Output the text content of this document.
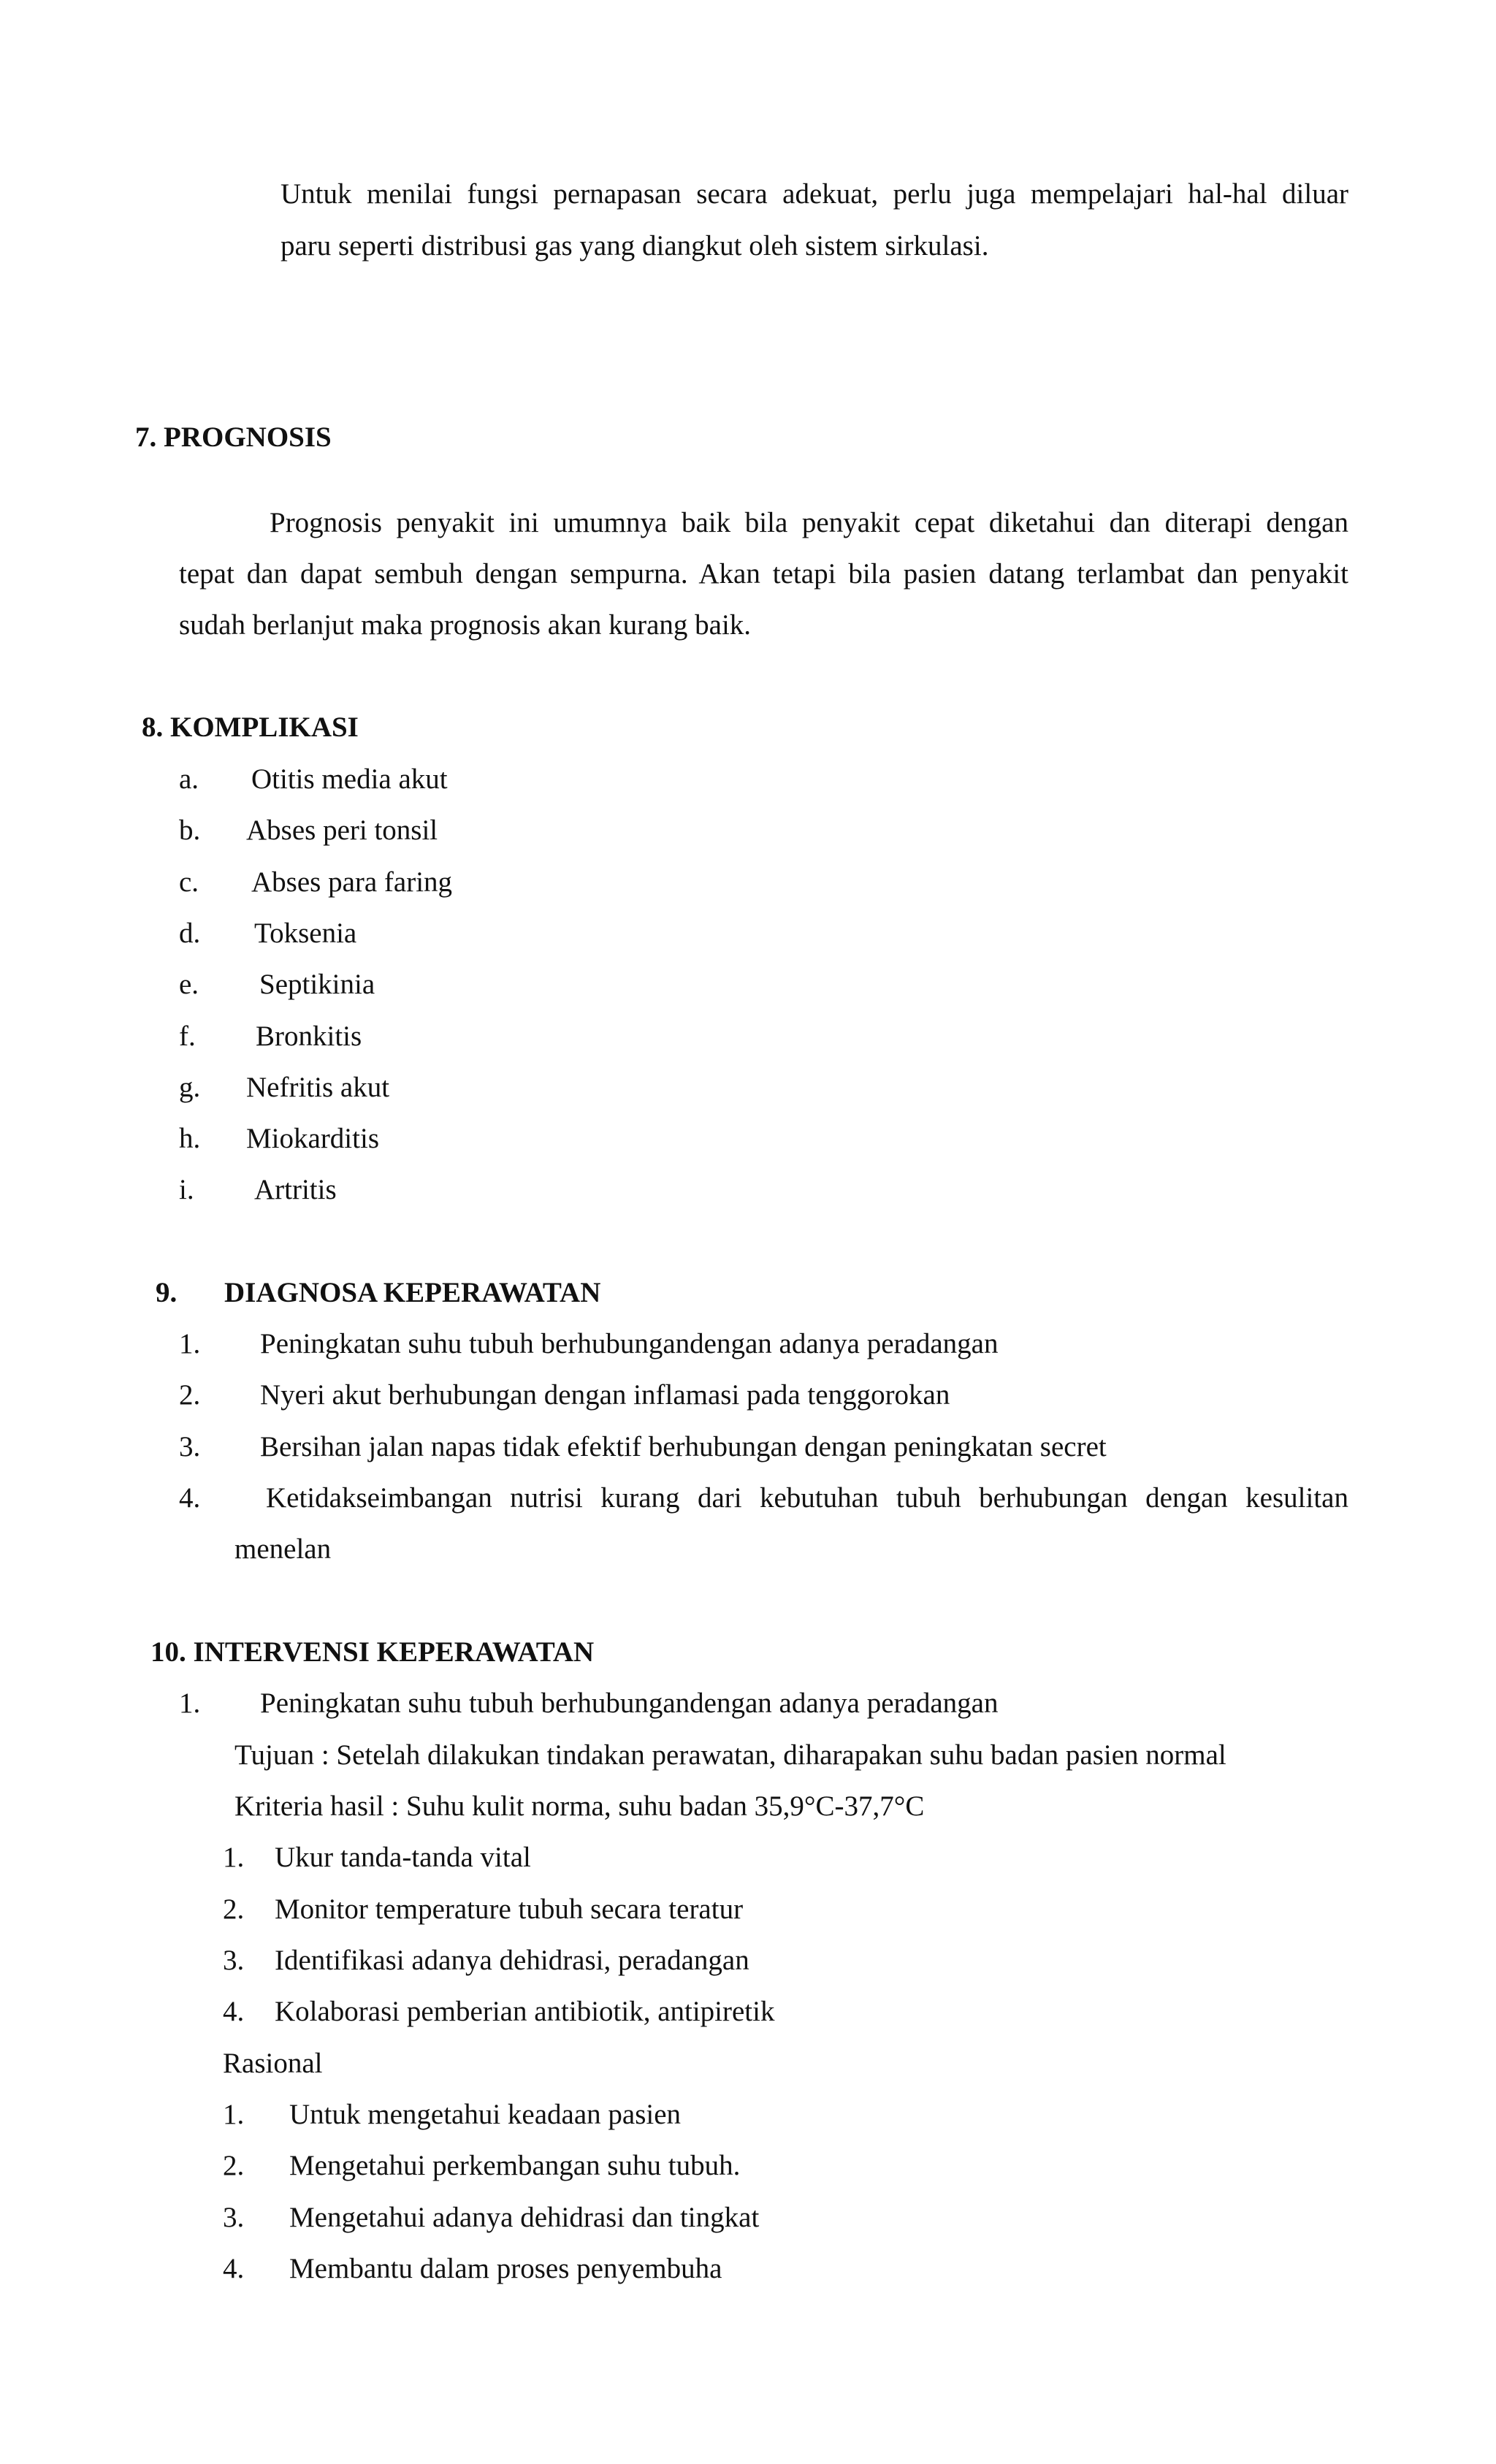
Untuk menilai fungsi pernapasan secara adekuat, perlu juga mempelajari hal-hal diluar
paru seperti distribusi gas yang diangkut oleh sistem sirkulasi.
7. PROGNOSIS
Prognosis penyakit ini umumnya baik bila penyakit cepat diketahui dan diterapi dengan
tepat dan dapat sembuh dengan sempurna. Akan tetapi bila pasien datang terlambat dan penyakit
sudah berlanjut maka prognosis akan kurang baik.
8. KOMPLIKASI
a. Otitis media akut
b. Abses peri tonsil
c. Abses para faring
d. Toksenia
e. Septikinia
f. Bronkitis
g. Nefritis akut
h. Miokarditis
i. Artritis
9. DIAGNOSA KEPERAWATAN
1. Peningkatan suhu tubuh berhubungandengan adanya peradangan
2. Nyeri akut berhubungan dengan inflamasi pada tenggorokan
3. Bersihan jalan napas tidak efektif berhubungan dengan peningkatan secret
4. Ketidakseimbangan nutrisi kurang dari kebutuhan tubuh berhubungan dengan kesulitan
menelan
10. INTERVENSI KEPERAWATAN
1. Peningkatan suhu tubuh berhubungandengan adanya peradangan
Tujuan : Setelah dilakukan tindakan perawatan, diharapakan suhu badan pasien normal
Kriteria hasil : Suhu kulit norma, suhu badan 35,9°C-37,7°C
1. Ukur tanda-tanda vital
2. Monitor temperature tubuh secara teratur
3. Identifikasi adanya dehidrasi, peradangan
4. Kolaborasi pemberian antibiotik, antipiretik
Rasional
1. Untuk mengetahui keadaan pasien
2. Mengetahui perkembangan suhu tubuh.
3. Mengetahui adanya dehidrasi dan tingkat
4. Membantu dalam proses penyembuha
